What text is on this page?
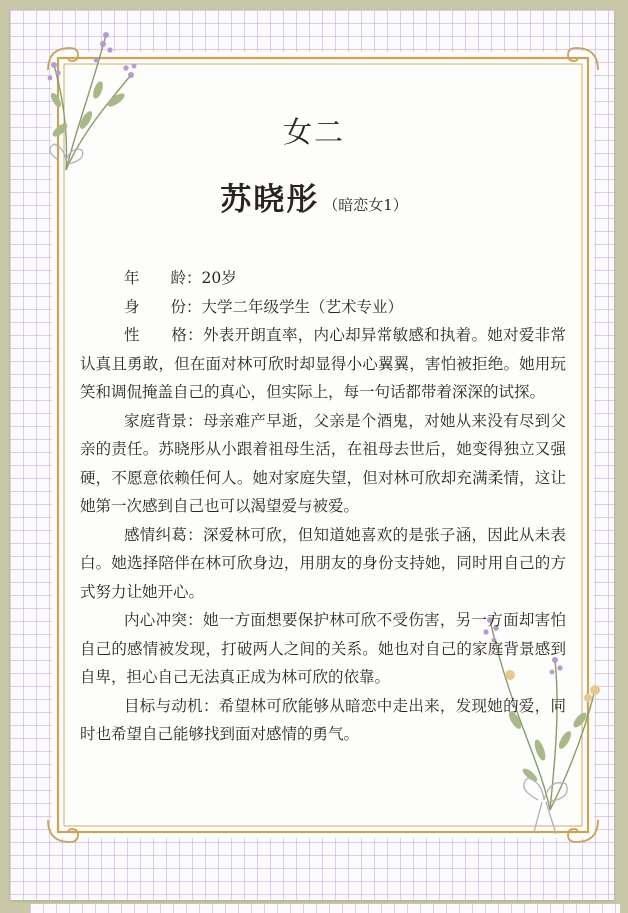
女二
苏晓彤 （暗恋女1）

年　　龄：20岁

身　　份：大学二年级学生（艺术专业）

性　　格：外表开朗直率，内心却异常敏感和执着。她对爱非常认真且勇敢，但在面对林可欣时却显得小心翼翼，害怕被拒绝。她用玩笑和调侃掩盖自己的真心，但实际上，每一句话都带着深深的试探。

家庭背景：母亲难产早逝，父亲是个酒鬼，对她从来没有尽到父亲的责任。苏晓彤从小跟着祖母生活，在祖母去世后，她变得独立又强硬，不愿意依赖任何人。她对家庭失望，但对林可欣却充满柔情，这让她第一次感到自己也可以渴望爱与被爱。

感情纠葛：深爱林可欣，但知道她喜欢的是张子涵，因此从未表白。她选择陪伴在林可欣身边，用朋友的身份支持她，同时用自己的方式努力让她开心。

内心冲突：她一方面想要保护林可欣不受伤害，另一方面却害怕自己的感情被发现，打破两人之间的关系。她也对自己的家庭背景感到自卑，担心自己无法真正成为林可欣的依靠。

目标与动机：希望林可欣能够从暗恋中走出来，发现她的爱，同时也希望自己能够找到面对感情的勇气。
